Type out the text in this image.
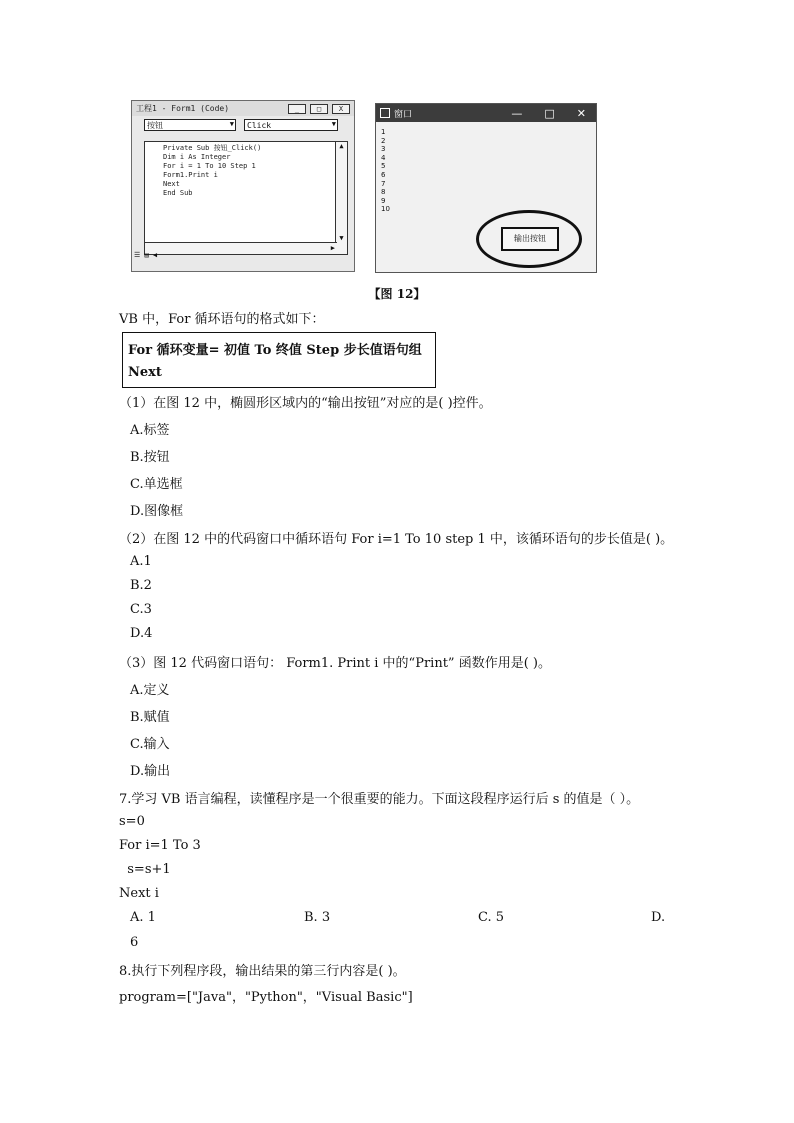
工程1 - Form1 (Code)	_	□	X
按钮	▼ Click	▼
Private Sub 按钮_Click()
Dim i As Integer
For i = 1 To 10 Step 1
Form1.Print i
Next
End Sub
▲
▼
▶
☰ ▤ ◀
窗口	— □ ✕
1
2
3
4
5
6
7
8
9
10
输出按钮
【图 12】
VB 中，For 循环语句的格式如下：
For 循环变量= 初值 To 终值 Step 步长值语句组
Next
（1）在图 12 中，椭圆形区域内的“输出按钮”对应的是( )控件。
A.标签
B.按钮
C.单选框
D.图像框
（2）在图 12 中的代码窗口中循环语句 For i=1 To 10 step 1 中，该循环语句的步长值是( )。
A.1
B.2
C.3
D.4
（3）图 12 代码窗口语句： Form1. Print i 中的“Print” 函数作用是( )。
A.定义
B.赋值
C.输入
D.输出
7.学习 VB 语言编程，读懂程序是一个很重要的能力。下面这段程序运行后 s 的值是（ ）。
s=0
For i=1 To 3
s=s+1
Next i
A. 1	B. 3	C. 5	D.
6
8.执行下列程序段，输出结果的第三行内容是( )。
program=["Java"，"Python"，"Visual Basic"]
